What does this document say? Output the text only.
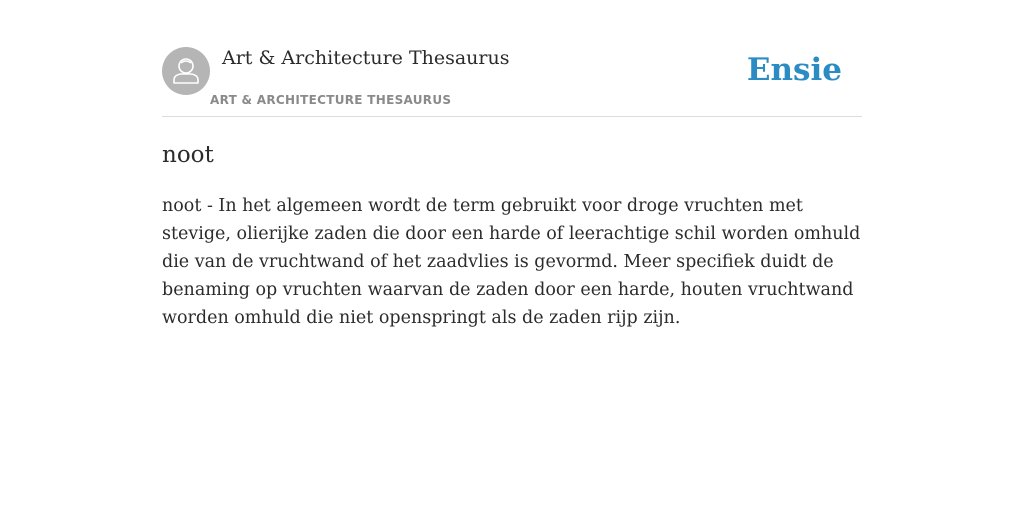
Art & Architecture Thesaurus
ART & ARCHITECTURE THESAURUS
Ensie
noot

noot - In het algemeen wordt de term gebruikt voor droge vruchten met stevige, olierijke zaden die door een harde of leerachtige schil worden omhuld die van de vruchtwand of het zaadvlies is gevormd. Meer specifiek duidt de benaming op vruchten waarvan de zaden door een harde, houten vruchtwand worden omhuld die niet openspringt als de zaden rijp zijn.
